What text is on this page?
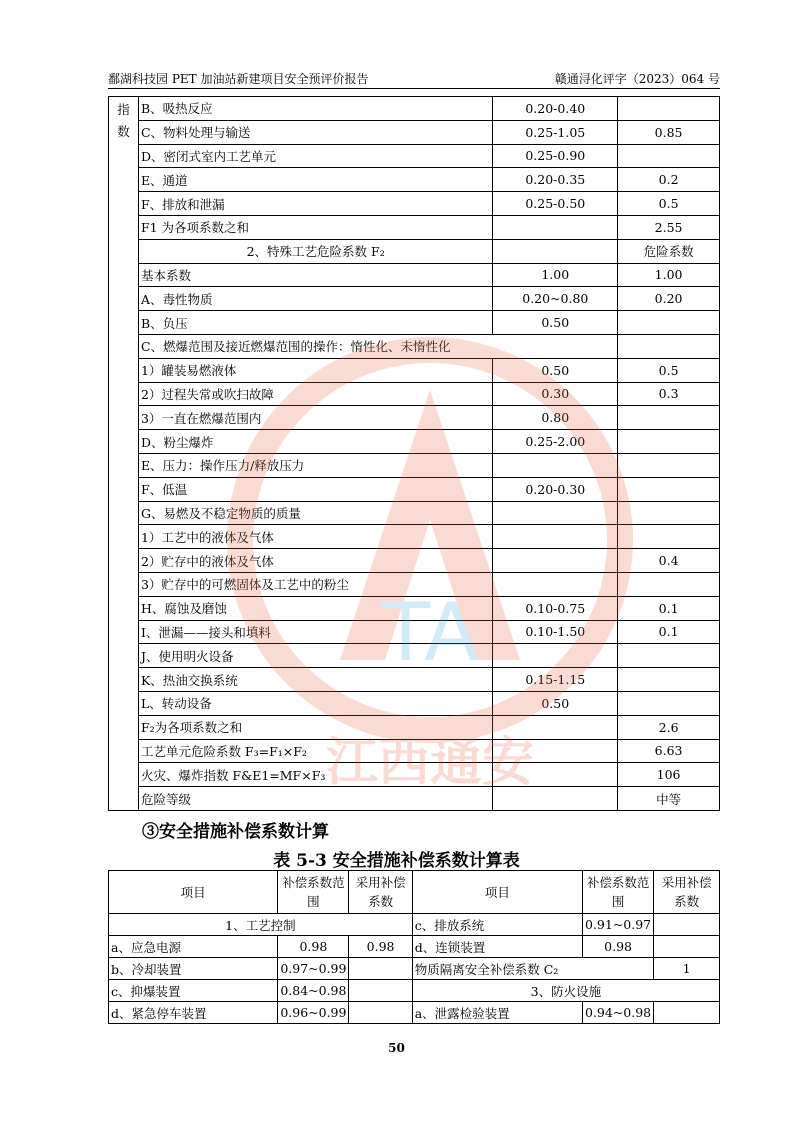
鄱湖科技园 PET 加油站新建项目安全预评价报告	赣通浔化评字（2023）064 号
指数	B、吸热反应	0.20-0.40	
	C、物料处理与输送	0.25-1.05	0.85
	D、密闭式室内工艺单元	0.25-0.90	
	E、通道	0.20-0.35	0.2
	F、排放和泄漏	0.25-0.50	0.5
	F1 为各项系数之和		2.55
	2、特殊工艺危险系数 F₂		危险系数
	基本系数	1.00	1.00
	A、毒性物质	0.20~0.80	0.20
	B、负压	0.50	
	C、燃爆范围及接近燃爆范围的操作：惰性化、未惰性化		
	1）罐装易燃液体	0.50	0.5
	2）过程失常或吹扫故障	0.30	0.3
	3）一直在燃爆范围内	0.80	
	D、粉尘爆炸	0.25-2.00	
	E、压力：操作压力/释放压力		
	F、低温	0.20-0.30	
	G、易燃及不稳定物质的质量		
	1）工艺中的液体及气体		
	2）贮存中的液体及气体		0.4
	3）贮存中的可燃固体及工艺中的粉尘		
	H、腐蚀及磨蚀	0.10-0.75	0.1
	I、泄漏——接头和填料	0.10-1.50	0.1
	J、使用明火设备		
	K、热油交换系统	0.15-1.15	
	L、转动设备	0.50	
	F₂为各项系数之和		2.6
	工艺单元危险系数 F₃=F₁×F₂		6.63
	火灾、爆炸指数 F&E1=MF×F₃		106
	危险等级		中等
③安全措施补偿系数计算
表 5-3 安全措施补偿系数计算表
项目	补偿系数范围	采用补偿系数	项目	补偿系数范围	采用补偿系数
1、工艺控制			c、排放系统	0.91~0.97	
a、应急电源	0.98	0.98	d、连锁装置	0.98	
b、冷却装置	0.97~0.99		物质隔离安全补偿系数 C₂		1
c、抑爆装置	0.84~0.98		3、防火设施		
d、紧急停车装置	0.96~0.99		a、泄露检验装置	0.94~0.98	
50
TA
江西通安
